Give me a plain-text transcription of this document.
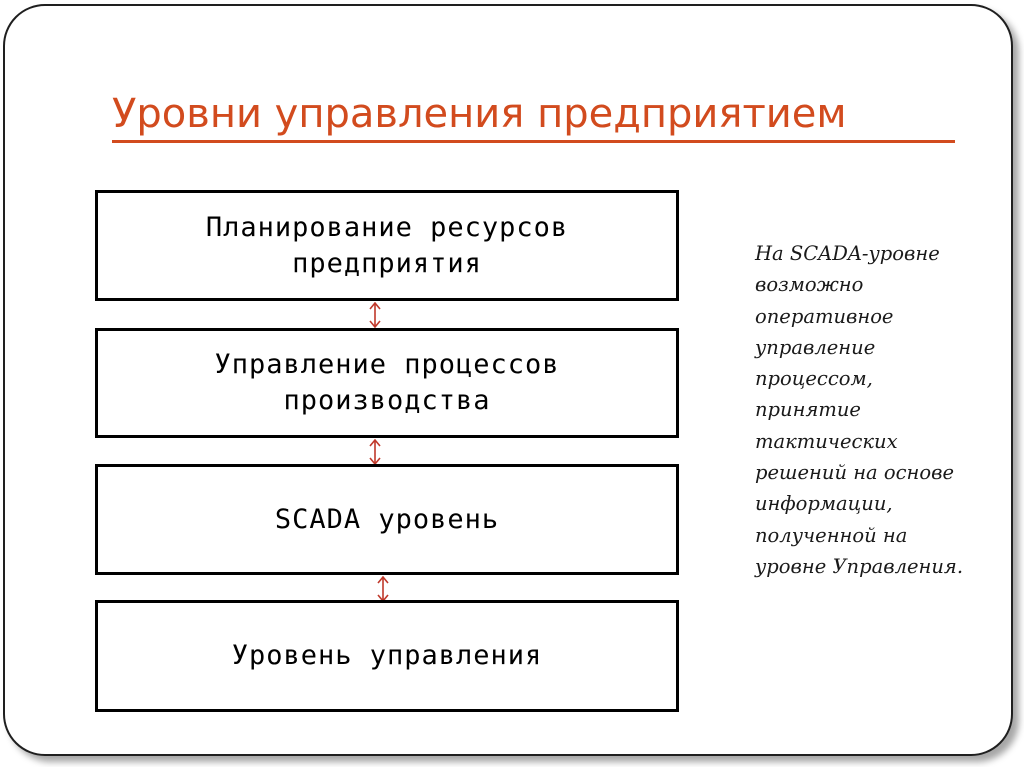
Уровни управления предприятием
Планирование ресурсов
предприятия
Управление процессов
производства
SCADA уровень
Уровень управления
На SCADA-уровне
возможно
оперативное
управление
процессом,
принятие
тактических
решений на основе
информации,
полученной на
уровне Управления.
